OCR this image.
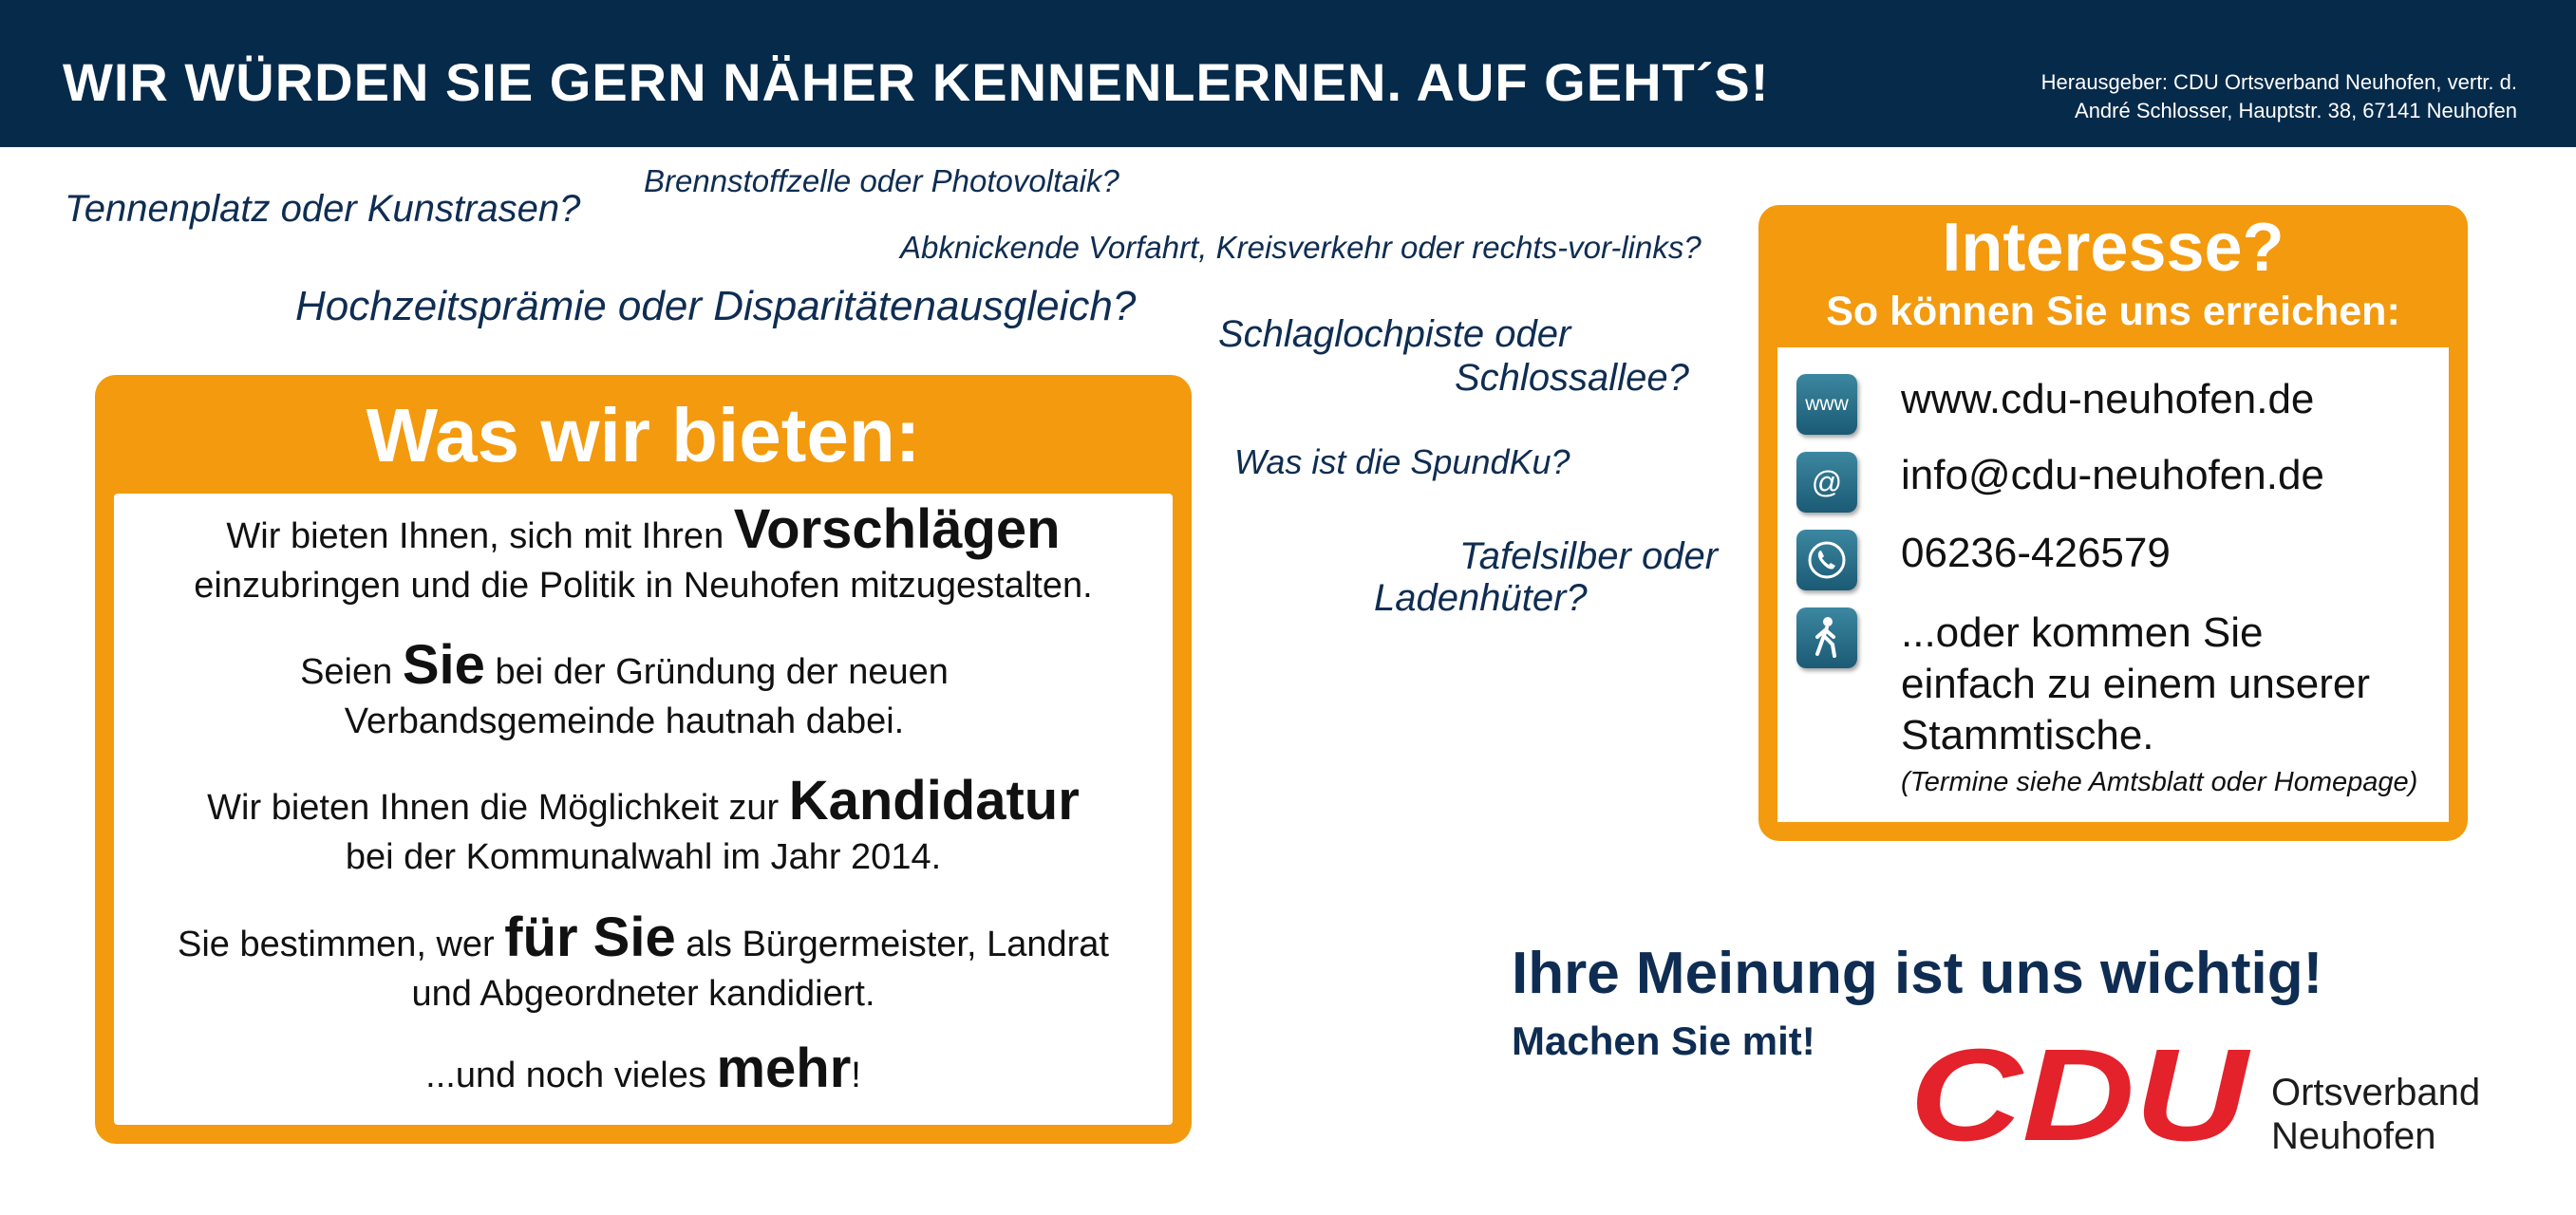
WIR WÜRDEN SIE GERN NÄHER KENNENLERNEN. AUF GEHT´S!	Herausgeber: CDU Ortsverband Neuhofen, vertr. d.
André Schlosser, Hauptstr. 38, 67141 Neuhofen
Tennenplatz oder Kunstrasen?
Brennstoffzelle oder Photovoltaik?
Abknickende Vorfahrt, Kreisverkehr oder rechts-vor-links?
Hochzeitsprämie oder Disparitätenausgleich?
Schlaglochpiste oder
Schlossallee?
Was ist die SpundKu?
Tafelsilber oder
Ladenhüter?
Was wir bieten:
Wir bieten Ihnen, sich mit Ihren Vorschlägen
einzubringen und die Politik in Neuhofen mitzugestalten.
Seien Sie bei der Gründung der neuen
Verbandsgemeinde hautnah dabei.
Wir bieten Ihnen die Möglichkeit zur Kandidatur
bei der Kommunalwahl im Jahr 2014.
Sie bestimmen, wer für Sie als Bürgermeister, Landrat
und Abgeordneter kandidiert.
...und noch vieles mehr!
Interesse?
So können Sie uns erreichen:
www www.cdu-neuhofen.de
@	info@cdu-neuhofen.de
06236-426579
...oder kommen Sie
einfach zu einem unserer
Stammtische.
(Termine siehe Amtsblatt oder Homepage)
Ihre Meinung ist uns wichtig!
Machen Sie mit! CDU Ortsverband
Neuhofen
